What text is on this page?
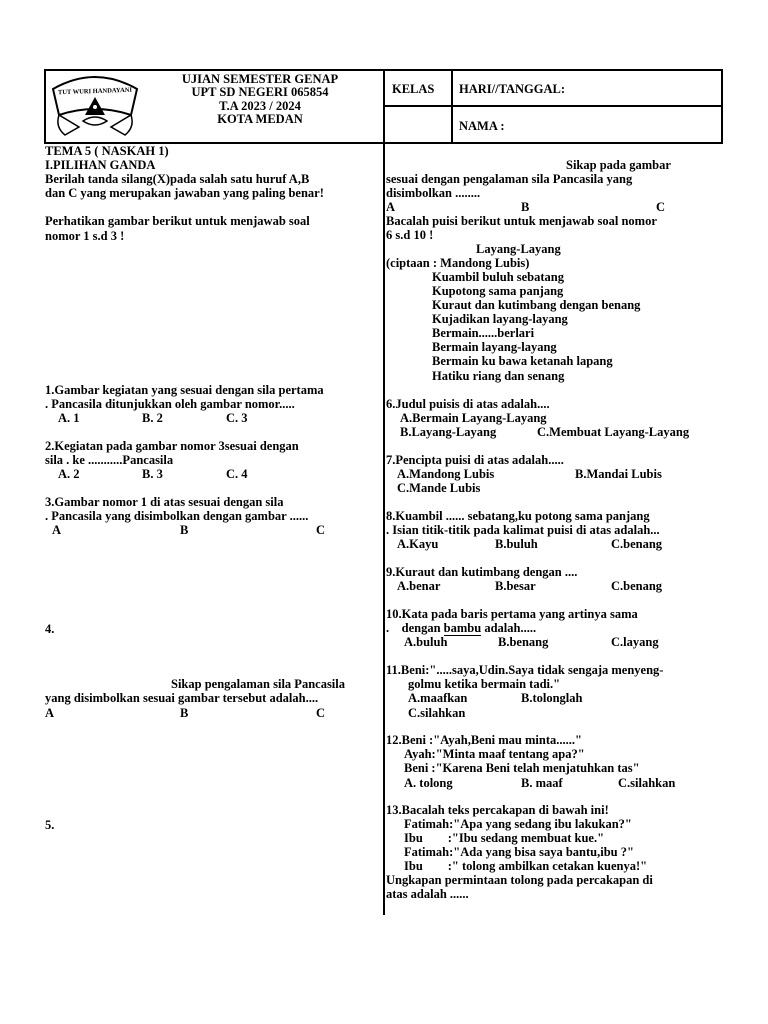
TUT WURI HANDAYANI
UJIAN SEMESTER GENAP
UPT SD NEGERI 065854
T.A 2023 / 2024
KOTA MEDAN
KELAS HARI//TANGGAL:
NAMA :
TEMA 5 ( NASKAH 1)
I.PILIHAN GANDA
Berilah tanda silang(X)pada salah satu huruf A,B
dan C yang merupakan jawaban yang paling benar!
Perhatikan gambar berikut untuk menjawab soal
nomor 1 s.d 3 !
1.Gambar kegiatan yang sesuai dengan sila pertama
. Pancasila ditunjukkan oleh gambar nomor.....
A. 1	B. 2	C. 3
2.Kegiatan pada gambar nomor 3sesuai dengan
sila . ke ...........Pancasila
A. 2	B. 3	C. 4
3.Gambar nomor 1 di atas sesuai dengan sila
. Pancasila yang disimbolkan dengan gambar ......
A	B	C
4.
Sikap pengalaman sila Pancasila
yang disimbolkan sesuai gambar tersebut adalah....
A	B	C
5.
Sikap pada gambar
sesuai dengan pengalaman sila Pancasila yang
disimbolkan ........
A	B	C
Bacalah puisi berikut untuk menjawab soal nomor
6 s.d 10 !
Layang-Layang
(ciptaan : Mandong Lubis)
Kuambil buluh sebatang
Kupotong sama panjang
Kuraut dan kutimbang dengan benang
Kujadikan layang-layang
Bermain......berlari
Bermain layang-layang
Bermain ku bawa ketanah lapang
Hatiku riang dan senang
6.Judul puisis di atas adalah....
A.Bermain Layang-Layang
B.Layang-Layang	C.Membuat Layang-Layang
7.Pencipta puisi di atas adalah.....
A.Mandong Lubis	B.Mandai Lubis
C.Mande Lubis
8.Kuambil ...... sebatang,ku potong sama panjang
. Isian titik-titik pada kalimat puisi di atas adalah...
A.Kayu	B.buluh	C.benang
9.Kuraut dan kutimbang dengan ....
A.benar	B.besar	C.benang
10.Kata pada baris pertama yang artinya sama
.    dengan bambu adalah.....
A.buluh	B.benang	C.layang
11.Beni:".....saya,Udin.Saya tidak sengaja menyeng-
golmu ketika bermain tadi."
A.maafkan	B.tolonglah
C.silahkan
12.Beni :"Ayah,Beni mau minta......"
Ayah:"Minta maaf tentang apa?"
Beni :"Karena Beni telah menjatuhkan tas"
A. tolong	B. maaf	C.silahkan
13.Bacalah teks percakapan di bawah ini!
Fatimah:"Apa yang sedang ibu lakukan?"
Ibu        :"Ibu sedang membuat kue."
Fatimah:"Ada yang bisa saya bantu,ibu ?"
Ibu        :" tolong ambilkan cetakan kuenya!"
Ungkapan permintaan tolong pada percakapan di
atas adalah ......
